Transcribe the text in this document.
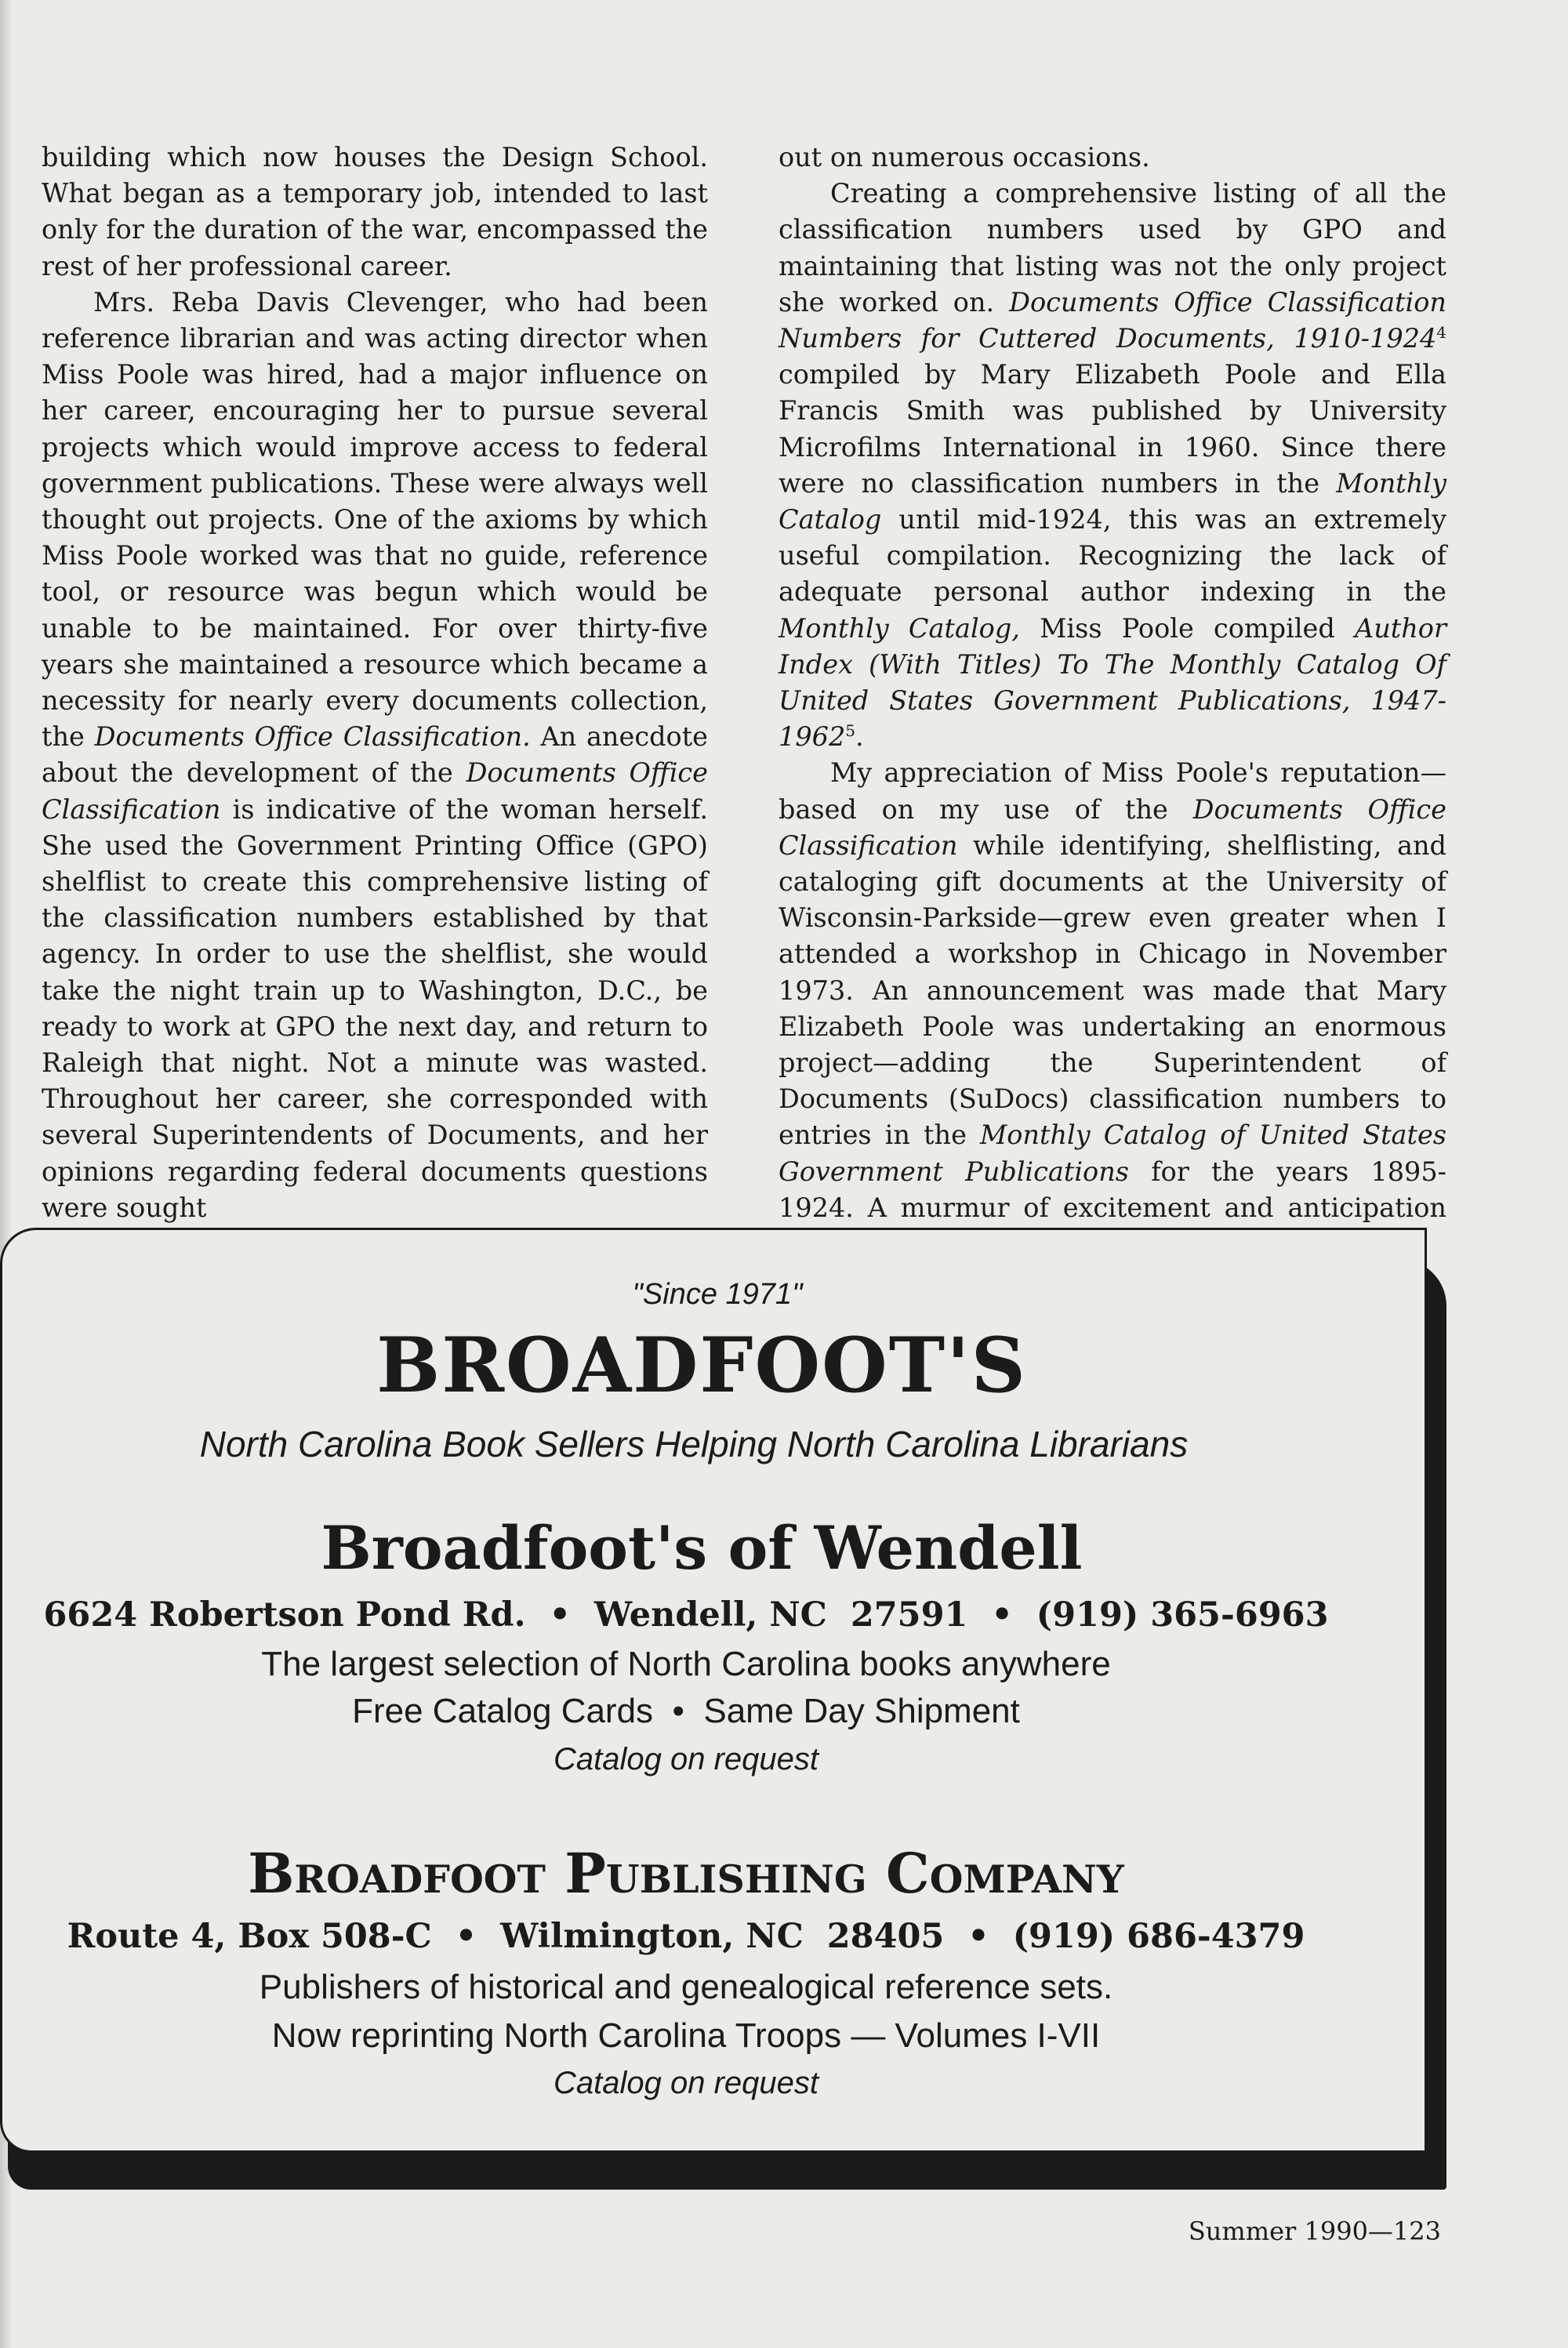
building which now houses the Design School. What began as a temporary job, intended to last only for the duration of the war, encompassed the rest of her professional career.

Mrs. Reba Davis Clevenger, who had been reference librarian and was acting director when Miss Poole was hired, had a major influence on her career, encouraging her to pursue several projects which would improve access to federal government publications. These were always well thought out projects. One of the axioms by which Miss Poole worked was that no guide, reference tool, or resource was begun which would be unable to be maintained. For over thirty-five years she maintained a resource which became a necessity for nearly every documents collection, the Documents Office Classification. An anecdote about the development of the Documents Office Classification is indicative of the woman herself. She used the Government Printing Office (GPO) shelflist to create this comprehensive listing of the classification numbers established by that agency. In order to use the shelflist, she would take the night train up to Washington, D.C., be ready to work at GPO the next day, and return to Raleigh that night. Not a minute was wasted. Throughout her career, she corresponded with several Superintendents of Documents, and her opinions regarding federal documents questions were sought

out on numerous occasions.

Creating a comprehensive listing of all the classification numbers used by GPO and maintaining that listing was not the only project she worked on. Documents Office Classification Numbers for Cuttered Documents, 1910-1924$^4$ compiled by Mary Elizabeth Poole and Ella Francis Smith was published by University Microfilms International in 1960. Since there were no classification numbers in the Monthly Catalog until mid-1924, this was an extremely useful compilation. Recognizing the lack of adequate personal author indexing in the Monthly Catalog, Miss Poole compiled Author Index (With Titles) To The Monthly Catalog Of United States Government Publications, 1947-1962$^5$.

My appreciation of Miss Poole's reputation—based on my use of the Documents Office Classification while identifying, shelflisting, and cataloging gift documents at the University of Wisconsin-Parkside—grew even greater when I attended a workshop in Chicago in November 1973. An announcement was made that Mary Elizabeth Poole was undertaking an enormous project—adding the Superintendent of Documents (SuDocs) classification numbers to entries in the Monthly Catalog of United States Government Publications for the years 1895-1924. A murmur of excitement and anticipation

"Since 1971"
BROADFOOT'S
North Carolina Book Sellers Helping North Carolina Librarians
Broadfoot's of Wendell
6624 Robertson Pond Rd.  •  Wendell, NC  27591  •  (919) 365-6963
The largest selection of North Carolina books anywhere
Free Catalog Cards  •  Same Day Shipment
Catalog on request
Broadfoot Publishing Company
Route 4, Box 508-C  •  Wilmington, NC  28405  •  (919) 686-4379
Publishers of historical and genealogical reference sets.
Now reprinting North Carolina Troops — Volumes I-VII
Catalog on request
Summer 1990—123
